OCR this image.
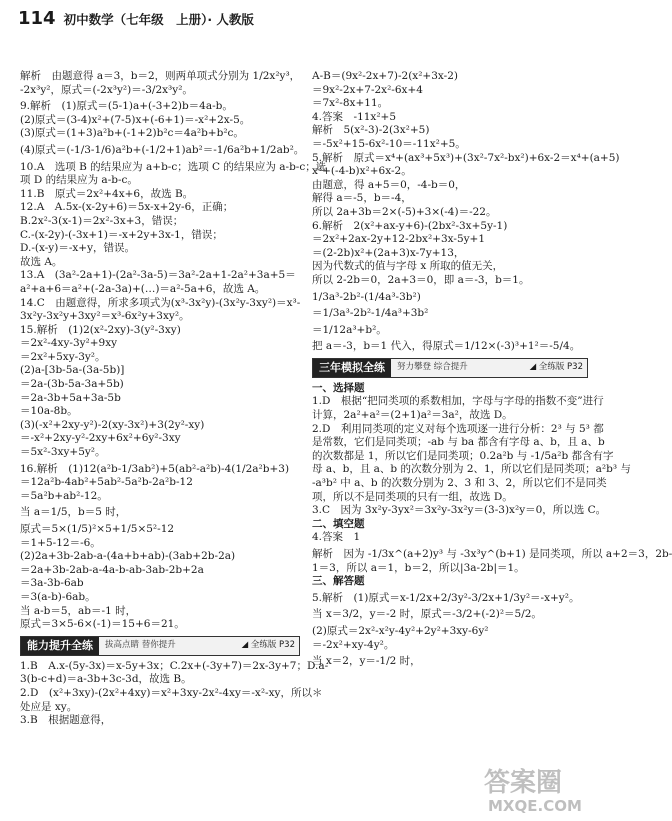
114 初中数学（七年级　上册）· 人教版
解析　由题意得 a＝3，b＝2，则两单项式分别为 1/2x²y³，
-2x³y²，原式＝(-2x³y²)＝-3/2x³y²。
9.解析　(1)原式＝(5-1)a+(-3+2)b＝4a-b。
(2)原式＝(3-4)x²+(7-5)x+(-6+1)＝-x²+2x-5。
(3)原式＝(1+3)a²b+(-1+2)b²c＝4a²b+b²c。
(4)原式＝(-1/3-1/6)a²b+(-1/2+1)ab²＝-1/6a²b+1/2ab²。
10.A　选项 B 的结果应为 a+b-c；选项 C 的结果应为 a-b-c；选
项 D 的结果应为 a-b-c。
11.B　原式＝2x²+4x+6，故选 B。
12.A　A.5x-(x-2y+6)＝5x-x+2y-6，正确；
B.2x²-3(x-1)＝2x²-3x+3，错误；
C.-(x-2y)-(-3x+1)＝-x+2y+3x-1，错误；
D.-(x-y)＝-x+y，错误。
故选 A。
13.A　(3a²-2a+1)-(2a²-3a-5)＝3a²-2a+1-2a²+3a+5＝
a²+a+6＝a²+(-2a-3a)+(…)＝a²-5a+6，故选 A。
14.C　由题意得，所求多项式为(x³-3x²y)-(3x²y-3xy²)＝x³-
3x²y-3x²y+3xy²＝x³-6x²y+3xy²。
15.解析　(1)2(x²-2xy)-3(y²-3xy)
＝2x²-4xy-3y²+9xy
＝2x²+5xy-3y²。
(2)a-[3b-5a-(3a-5b)]
＝2a-(3b-5a-3a+5b)
＝2a-3b+5a+3a-5b
＝10a-8b。
(3)(-x²+2xy-y²)-2(xy-3x²)+3(2y²-xy)
＝-x²+2xy-y²-2xy+6x²+6y²-3xy
＝5x²-3xy+5y²。
16.解析　(1)12(a²b-1/3ab²)+5(ab²-a²b)-4(1/2a²b+3)
＝12a²b-4ab²+5ab²-5a²b-2a²b-12
＝5a²b+ab²-12。
当 a＝1/5，b＝5 时，
原式＝5×(1/5)²×5+1/5×5²-12
＝1+5-12＝-6。
(2)2a+3b-2ab-a-(4a+b+ab)-(3ab+2b-2a)
＝2a+3b-2ab-a-4a-b-ab-3ab-2b+2a
＝3a-3b-6ab
＝3(a-b)-6ab。
当 a-b＝5，ab＝-1 时，
原式＝3×5-6×(-1)＝15+6＝21。
能力提升全练	拔高点睛 替你提升	◢ 全练版 P32
1.B　A.x-(5y-3x)＝x-5y+3x；C.2x+(-3y+7)＝2x-3y+7；D.a-
3(b-c+d)＝a-3b+3c-3d，故选 B。
2.D　(x²+3xy)-(2x²+4xy)＝x²+3xy-2x²-4xy＝-x²-xy，所以＊
处应是 xy。
3.B　根据题意得，
A-B＝(9x²-2x+7)-2(x²+3x-2)
＝9x²-2x+7-2x²-6x+4
＝7x²-8x+11。
4.答案　-11x²+5
解析　5(x²-3)-2(3x²+5)
＝-5x²+15-6x²-10＝-11x²+5。
5.解析　原式＝x⁴+(ax³+5x³)+(3x²-7x²-bx²)+6x-2＝x⁴+(a+5)
x³+(-4-b)x²+6x-2。
由题意，得 a+5＝0，-4-b＝0，
解得 a＝-5，b＝-4，
所以 2a+3b＝2×(-5)+3×(-4)＝-22。
6.解析　2(x²+ax-y+6)-(2bx²-3x+5y-1)
＝2x²+2ax-2y+12-2bx²+3x-5y+1
＝(2-2b)x²+(2a+3)x-7y+13，
因为代数式的值与字母 x 所取的值无关，
所以 2-2b＝0，2a+3＝0，即 a＝-3，b＝1。
1/3a³-2b²-(1/4a³-3b²)
＝1/3a³-2b²-1/4a³+3b²
＝1/12a³+b²。
把 a＝-3，b＝1 代入，得原式＝1/12×(-3)³+1²＝-5/4。
三年模拟全练	努力攀登 综合提升	◢ 全练版 P32
一、选择题
1.D　根据“把同类项的系数相加，字母与字母的指数不变”进行
计算，2a²+a²＝(2+1)a²＝3a²，故选 D。
2.D　利用同类项的定义对每个选项逐一进行分析：2³ 与 5³ 都
是常数，它们是同类项；-ab 与 ba 都含有字母 a、b，且 a、b
的次数都是 1，所以它们是同类项；0.2a²b 与 -1/5a²b 都含有字
母 a、b，且 a、b 的次数分别为 2、1，所以它们是同类项；a²b³ 与
-a³b² 中 a、b 的次数分别为 2、3 和 3、2，所以它们不是同类
项，所以不是同类项的只有一组，故选 D。
3.C　因为 3x²y-3yx²＝3x²y-3x²y＝(3-3)x²y＝0，所以选 C。
二、填空题
4.答案　1
解析　因为 -1/3x^(a+2)y³ 与 -3x³y^(b+1) 是同类项，所以 a+2＝3，2b-
1＝3，所以 a＝1，b＝2，所以|3a-2b|＝1。
三、解答题
5.解析　(1)原式＝x-1/2x+2/3y²-3/2x+1/3y²＝-x+y²。
当 x＝3/2，y＝-2 时，原式＝-3/2+(-2)²＝5/2。
(2)原式＝2x²-x²y-4y²+2y²+3xy-6y²
＝-2x²+xy-4y²。
当 x＝2，y＝-1/2 时，
答案圈
MXQE.COM
